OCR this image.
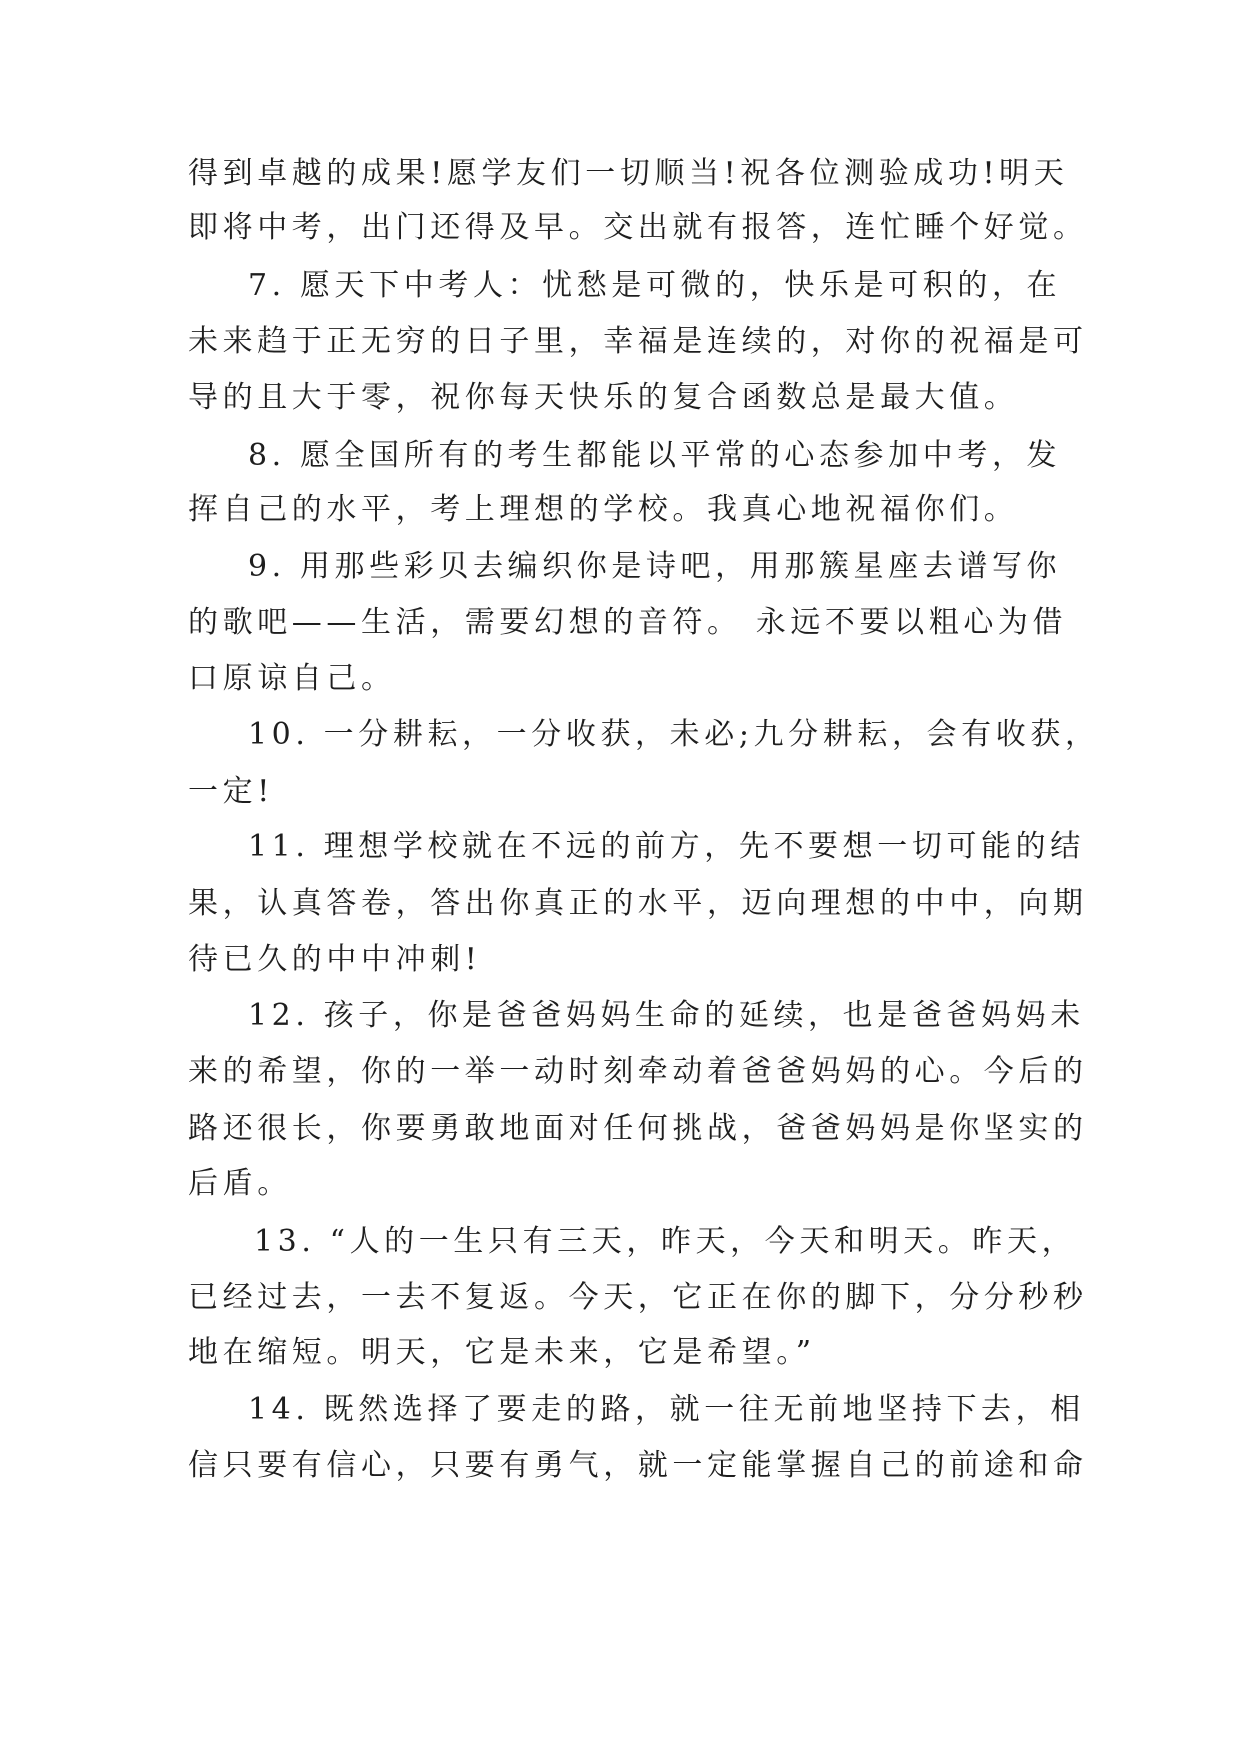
得到卓越的成果!愿学友们一切顺当!祝各位测验成功!明天
即将中考，出门还得及早。交出就有报答，连忙睡个好觉。
7. 愿天下中考人：忧愁是可微的，快乐是可积的，在
未来趋于正无穷的日子里，幸福是连续的，对你的祝福是可
导的且大于零，祝你每天快乐的复合函数总是最大值。
8. 愿全国所有的考生都能以平常的心态参加中考，发
挥自己的水平，考上理想的学校。我真心地祝福你们。
9. 用那些彩贝去编织你是诗吧，用那簇星座去谱写你
的歌吧——生活，需要幻想的音符。 永远不要以粗心为借
口原谅自己。
10. 一分耕耘，一分收获，未必;九分耕耘，会有收获，
一定!
11. 理想学校就在不远的前方，先不要想一切可能的结
果，认真答卷，答出你真正的水平，迈向理想的中中，向期
待已久的中中冲刺!
12. 孩子，你是爸爸妈妈生命的延续，也是爸爸妈妈未
来的希望，你的一举一动时刻牵动着爸爸妈妈的心。今后的
路还很长，你要勇敢地面对任何挑战，爸爸妈妈是你坚实的
后盾。
13. “人的一生只有三天，昨天，今天和明天。昨天，
已经过去，一去不复返。今天，它正在你的脚下，分分秒秒
地在缩短。明天，它是未来，它是希望。”
14. 既然选择了要走的路，就一往无前地坚持下去，相
信只要有信心，只要有勇气，就一定能掌握自己的前途和命
